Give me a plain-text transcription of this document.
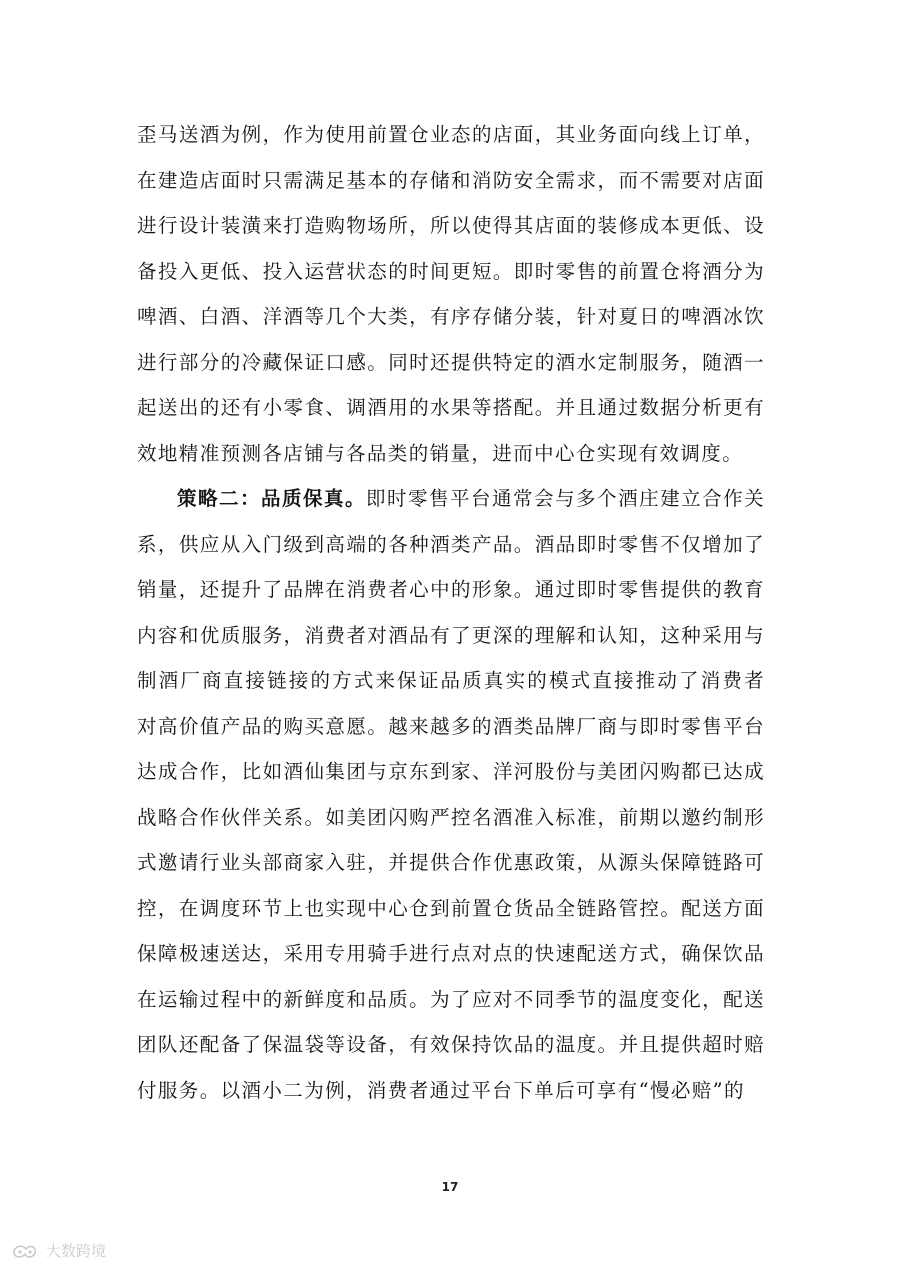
歪马送酒为例，作为使用前置仓业态的店面，其业务面向线上订单，
在建造店面时只需满足基本的存储和消防安全需求，而不需要对店面
进行设计装潢来打造购物场所，所以使得其店面的装修成本更低、设
备投入更低、投入运营状态的时间更短。即时零售的前置仓将酒分为
啤酒、白酒、洋酒等几个大类，有序存储分装，针对夏日的啤酒冰饮
进行部分的冷藏保证口感。同时还提供特定的酒水定制服务，随酒一
起送出的还有小零食、调酒用的水果等搭配。并且通过数据分析更有
效地精准预测各店铺与各品类的销量，进而中心仓实现有效调度。
策略二：品质保真。即时零售平台通常会与多个酒庄建立合作关
系，供应从入门级到高端的各种酒类产品。酒品即时零售不仅增加了
销量，还提升了品牌在消费者心中的形象。通过即时零售提供的教育
内容和优质服务，消费者对酒品有了更深的理解和认知，这种采用与
制酒厂商直接链接的方式来保证品质真实的模式直接推动了消费者
对高价值产品的购买意愿。越来越多的酒类品牌厂商与即时零售平台
达成合作，比如酒仙集团与京东到家、洋河股份与美团闪购都已达成
战略合作伙伴关系。如美团闪购严控名酒准入标准，前期以邀约制形
式邀请行业头部商家入驻，并提供合作优惠政策，从源头保障链路可
控，在调度环节上也实现中心仓到前置仓货品全链路管控。配送方面
保障极速送达，采用专用骑手进行点对点的快速配送方式，确保饮品
在运输过程中的新鲜度和品质。为了应对不同季节的温度变化，配送
团队还配备了保温袋等设备，有效保持饮品的温度。并且提供超时赔
付服务。以酒小二为例，消费者通过平台下单后可享有“慢必赔”的
17
大数跨境
